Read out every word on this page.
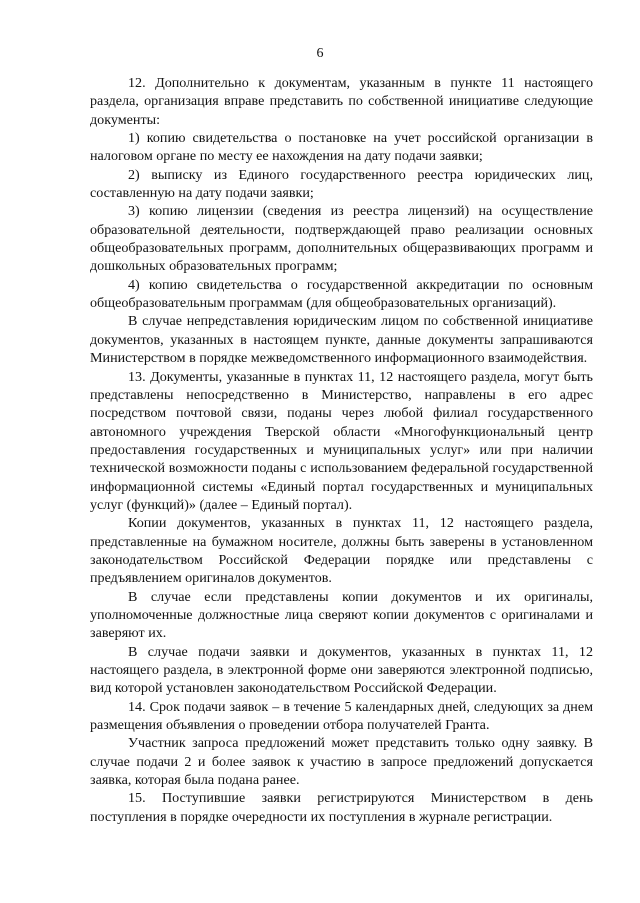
6

12. Дополнительно к документам, указанным в пункте 11 настоящего раздела, организация вправе представить по собственной инициативе следующие документы:

1) копию свидетельства о постановке на учет российской организации в налоговом органе по месту ее нахождения на дату подачи заявки;

2) выписку из Единого государственного реестра юридических лиц, составленную на дату подачи заявки;

3) копию лицензии (сведения из реестра лицензий) на осуществление образовательной деятельности, подтверждающей право реализации основных общеобразовательных программ, дополнительных общеразвивающих программ и дошкольных образовательных программ;

4) копию свидетельства о государственной аккредитации по основным общеобразовательным программам (для общеобразовательных организаций).

В случае непредставления юридическим лицом по собственной инициативе документов, указанных в настоящем пункте, данные документы запрашиваются Министерством в порядке межведомственного информационного взаимодействия.

13. Документы, указанные в пунктах 11, 12 настоящего раздела, могут быть представлены непосредственно в Министерство, направлены в его адрес посредством почтовой связи, поданы через любой филиал государственного автономного учреждения Тверской области «Многофункциональный центр предоставления государственных и муниципальных услуг» или при наличии технической возможности поданы с использованием федеральной государственной информационной системы «Единый портал государственных и муниципальных услуг (функций)» (далее – Единый портал).

Копии документов, указанных в пунктах 11, 12 настоящего раздела, представленные на бумажном носителе, должны быть заверены в установленном законодательством Российской Федерации порядке или представлены с предъявлением оригиналов документов.

В случае если представлены копии документов и их оригиналы, уполномоченные должностные лица сверяют копии документов с оригиналами и заверяют их.

В случае подачи заявки и документов, указанных в пунктах 11, 12 настоящего раздела, в электронной форме они заверяются электронной подписью, вид которой установлен законодательством Российской Федерации.

14. Срок подачи заявок – в течение 5 календарных дней, следующих за днем размещения объявления о проведении отбора получателей Гранта.

Участник запроса предложений может представить только одну заявку. В случае подачи 2 и более заявок к участию в запросе предложений допускается заявка, которая была подана ранее.

15. Поступившие заявки регистрируются Министерством в день поступления в порядке очередности их поступления в журнале регистрации.
